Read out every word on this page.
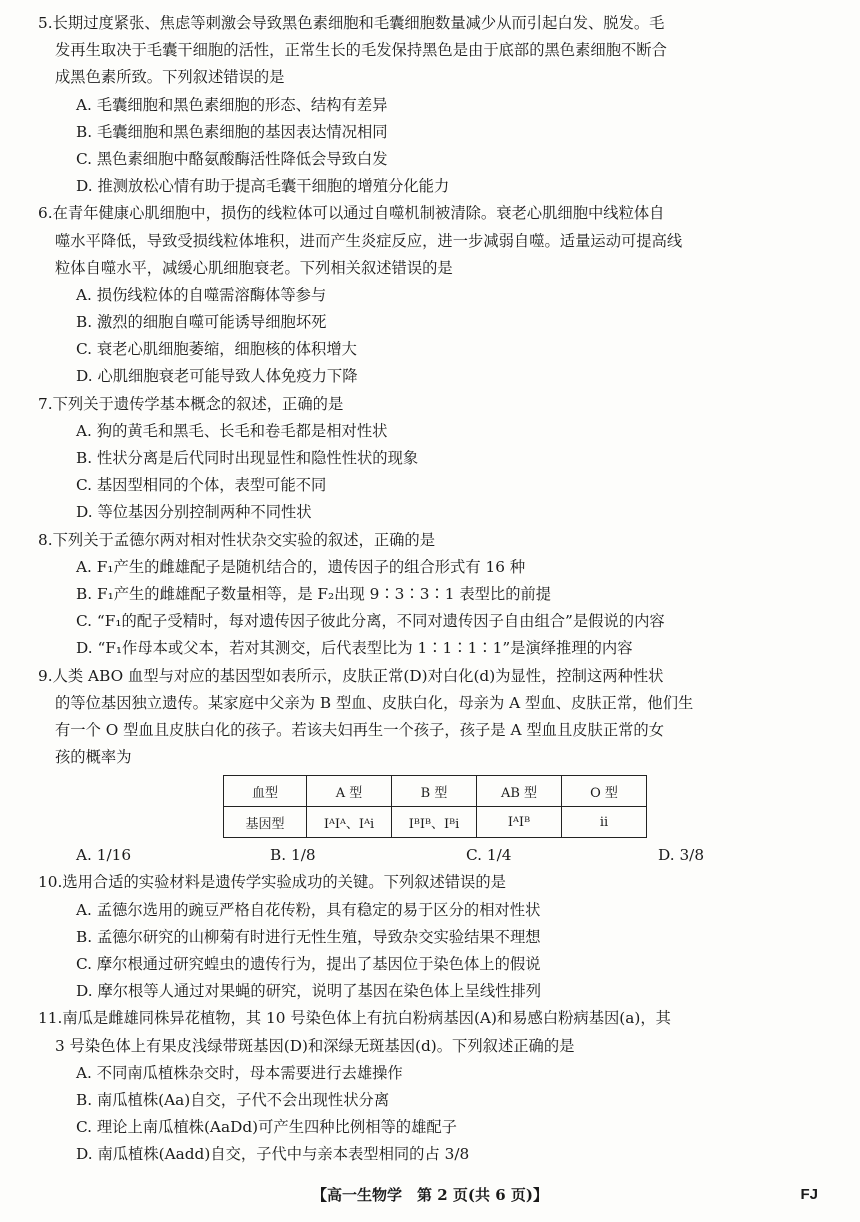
5.长期过度紧张、焦虑等刺激会导致黑色素细胞和毛囊细胞数量减少从而引起白发、脱发。毛
发再生取决于毛囊干细胞的活性，正常生长的毛发保持黑色是由于底部的黑色素细胞不断合
成黑色素所致。下列叙述错误的是
A. 毛囊细胞和黑色素细胞的形态、结构有差异
B. 毛囊细胞和黑色素细胞的基因表达情况相同
C. 黑色素细胞中酪氨酸酶活性降低会导致白发
D. 推测放松心情有助于提高毛囊干细胞的增殖分化能力
6.在青年健康心肌细胞中，损伤的线粒体可以通过自噬机制被清除。衰老心肌细胞中线粒体自
噬水平降低，导致受损线粒体堆积，进而产生炎症反应，进一步减弱自噬。适量运动可提高线
粒体自噬水平，减缓心肌细胞衰老。下列相关叙述错误的是
A. 损伤线粒体的自噬需溶酶体等参与
B. 激烈的细胞自噬可能诱导细胞坏死
C. 衰老心肌细胞萎缩，细胞核的体积增大
D. 心肌细胞衰老可能导致人体免疫力下降
7.下列关于遗传学基本概念的叙述，正确的是
A. 狗的黄毛和黑毛、长毛和卷毛都是相对性状
B. 性状分离是后代同时出现显性和隐性性状的现象
C. 基因型相同的个体，表型可能不同
D. 等位基因分别控制两种不同性状
8.下列关于孟德尔两对相对性状杂交实验的叙述，正确的是
A. F₁产生的雌雄配子是随机结合的，遗传因子的组合形式有 16 种
B. F₁产生的雌雄配子数量相等，是 F₂出现 9∶3∶3∶1 表型比的前提
C. “F₁的配子受精时，每对遗传因子彼此分离，不同对遗传因子自由组合”是假说的内容
D. “F₁作母本或父本，若对其测交，后代表型比为 1∶1∶1∶1”是演绎推理的内容
9.人类 ABO 血型与对应的基因型如表所示，皮肤正常(D)对白化(d)为显性，控制这两种性状
的等位基因独立遗传。某家庭中父亲为 B 型血、皮肤白化，母亲为 A 型血、皮肤正常，他们生
有一个 O 型血且皮肤白化的孩子。若该夫妇再生一个孩子，孩子是 A 型血且皮肤正常的女
孩的概率为
血型	A 型	B 型	AB 型	O 型
基因型	IᴬIᴬ、Iᴬi	IᴮIᴮ、Iᴮi	IᴬIᴮ	ii
A. 1/16	B. 1/8	C. 1/4	D. 3/8
10.选用合适的实验材料是遗传学实验成功的关键。下列叙述错误的是
A. 孟德尔选用的豌豆严格自花传粉，具有稳定的易于区分的相对性状
B. 孟德尔研究的山柳菊有时进行无性生殖，导致杂交实验结果不理想
C. 摩尔根通过研究蝗虫的遗传行为，提出了基因位于染色体上的假说
D. 摩尔根等人通过对果蝇的研究，说明了基因在染色体上呈线性排列
11.南瓜是雌雄同株异花植物，其 10 号染色体上有抗白粉病基因(A)和易感白粉病基因(a)，其
3 号染色体上有果皮浅绿带斑基因(D)和深绿无斑基因(d)。下列叙述正确的是
A. 不同南瓜植株杂交时，母本需要进行去雄操作
B. 南瓜植株(Aa)自交，子代不会出现性状分离
C. 理论上南瓜植株(AaDd)可产生四种比例相等的雄配子
D. 南瓜植株(Aadd)自交，子代中与亲本表型相同的占 3/8
【高一生物学　第 2 页(共 6 页)】	FJ
